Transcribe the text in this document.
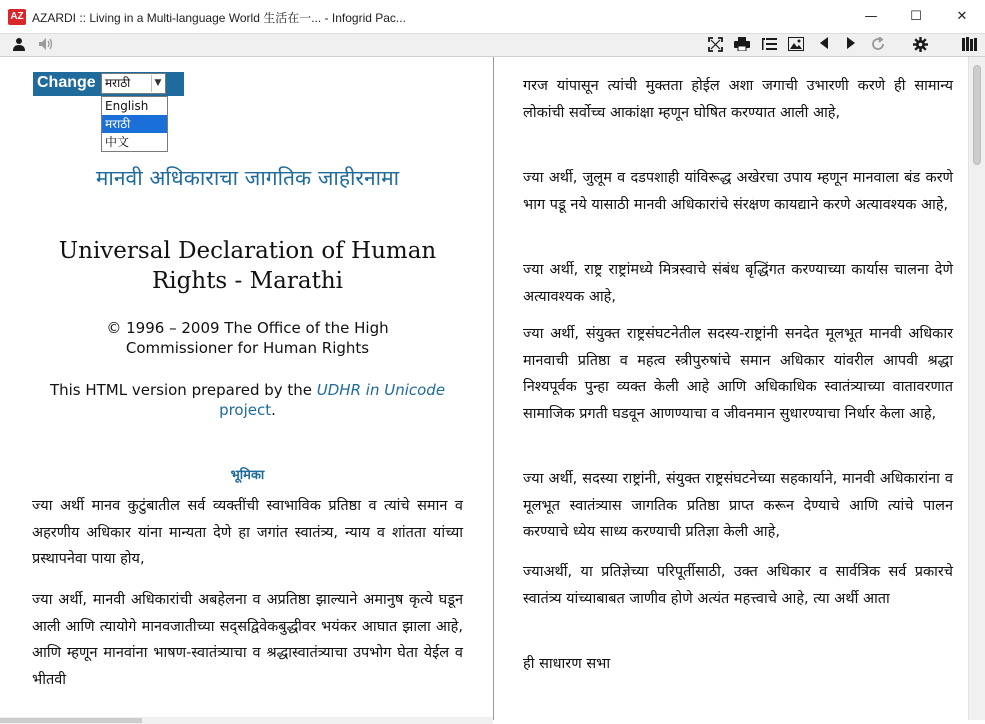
AZ AZARDI :: Living in a Multi-language World 生活在一... - Infogrid Pac...	—	☐	✕
Change मराठी	▼
English
मराठी
中文
मानवी अधिकाराचा जागतिक जाहीरनामा
Universal Declaration of Human
Rights - Marathi
© 1996 – 2009 The Office of the High
Commissioner for Human Rights
This HTML version prepared by the UDHR in Unicode project.
भूमिका

ज्या अर्थी मानव कुटुंबातील सर्व व्यक्तींची स्वाभाविक प्रतिष्ठा व त्यांचे समान व अहरणीय अधिकार यांना मान्यता देणे हा जगांत स्वातंत्र्य, न्याय व शांतता यांच्या प्रस्थापनेवा पाया होय,

ज्या अर्थी, मानवी अधिकारांची अबहेलना व अप्रतिष्ठा झाल्याने अमानुष कृत्ये घडून आली आणि त्यायोगे मानवजातीच्या सद्सद्विवेकबुद्धीवर भयंकर आघात झाला आहे, आणि म्हणून मानवांना भाषण-स्वातंत्र्याचा व श्रद्धास्वातंत्र्याचा उपभोग घेता येईल व भीतवी

गरज यांपासून त्यांची मुक्तता होईल अशा जगाची उभारणी करणे ही सामान्य लोकांची सर्वोच्च आकांक्षा म्हणून घोषित करण्यात आली आहे,

ज्या अर्थी, जुलूम व दडपशाही यांविरूद्ध अखेरचा उपाय म्हणून मानवाला बंड करणे भाग पडू नये यासाठी मानवी अधिकारांचे संरक्षण कायद्याने करणे अत्यावश्यक आहे,

ज्या अर्थी, राष्ट्र राष्ट्रांमध्ये मित्रस्वाचे संबंध बृद्धिंगत करण्याच्या कार्यास चालना देणे अत्यावश्यक आहे,

ज्या अर्थी, संयुक्त राष्ट्रसंघटनेतील सदस्य-राष्ट्रांनी सनदेत मूलभूत मानवी अधिकार मानवाची प्रतिष्ठा व महत्व स्त्रीपुरुषांचे समान अधिकार यांवरील आपवी श्रद्धा निश्यपूर्वक पुन्हा व्यक्त केली आहे आणि अधिकाधिक स्वातंत्र्याच्या वातावरणात सामाजिक प्रगती घडवून आणण्याचा व जीवनमान सुधारण्याचा निर्धार केला आहे,

ज्या अर्थी, सदस्या राष्ट्रांनी, संयुक्त राष्ट्रसंघटनेच्या सहकार्याने, मानवी अधिकारांना व मूलभूत स्वातंत्र्यास जागतिक प्रतिष्ठा प्राप्त करून देण्याचे आणि त्यांचे पालन करण्याचे ध्येय साध्य करण्याची प्रतिज्ञा केली आहे,

ज्याअर्थी, या प्रतिज्ञेच्या परिपूर्तीसाठी, उक्त अधिकार व सार्वत्रिक सर्व प्रकारचे स्वातंत्र्य यांच्याबाबत जाणीव होणे अत्यंत महत्त्वाचे आहे, त्या अर्थी आता

ही साधारण सभा
